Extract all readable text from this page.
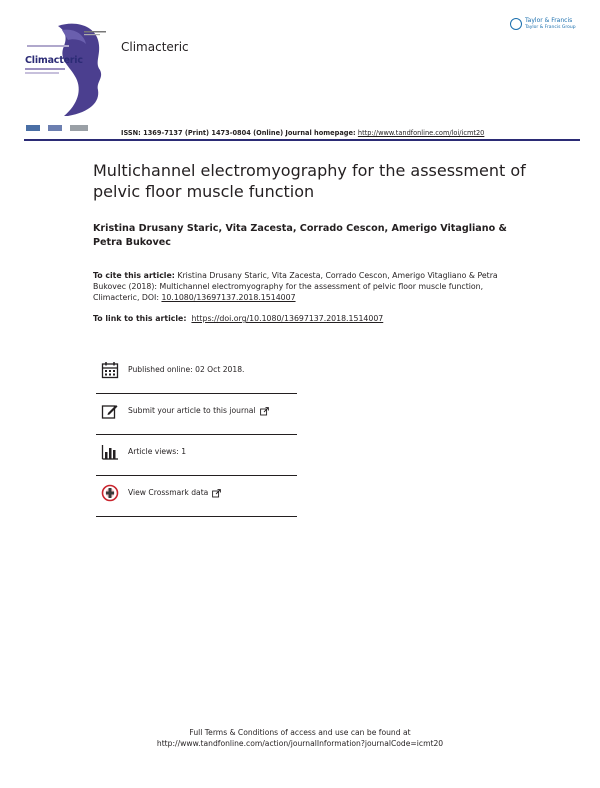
Climacteric
Climacteric
Taylor & Francis
Taylor & Francis Group
ISSN: 1369-7137 (Print) 1473-0804 (Online) Journal homepage: http://www.tandfonline.com/loi/icmt20
Multichannel electromyography for the assessment of pelvic floor muscle function
Kristina Drusany Staric, Vita Zacesta, Corrado Cescon, Amerigo Vitagliano & Petra Bukovec
To cite this article: Kristina Drusany Staric, Vita Zacesta, Corrado Cescon, Amerigo Vitagliano & Petra Bukovec (2018): Multichannel electromyography for the assessment of pelvic floor muscle function, Climacteric, DOI: 10.1080/13697137.2018.1514007
To link to this article: https://doi.org/10.1080/13697137.2018.1514007
Published online: 02 Oct 2018.
Submit your article to this journal
Article views: 1
View Crossmark data
Full Terms & Conditions of access and use can be found at
http://www.tandfonline.com/action/journalInformation?journalCode=icmt20
